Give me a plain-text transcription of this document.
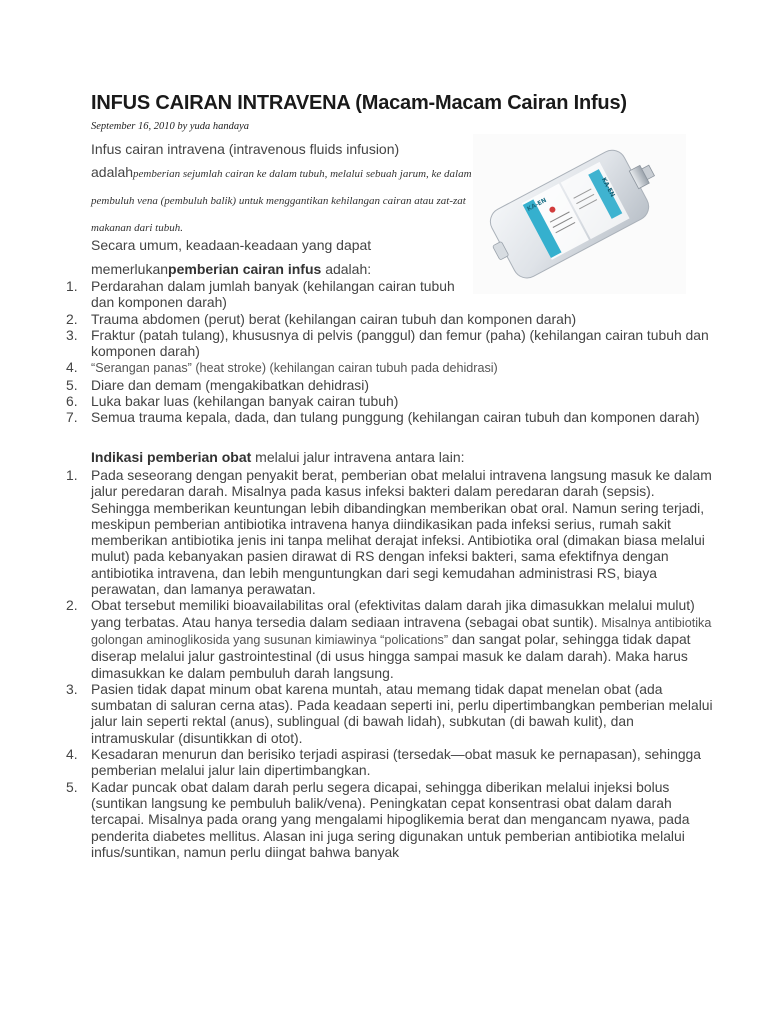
INFUS CAIRAN INTRAVENA (Macam-Macam Cairan Infus)
September 16, 2010 by yuda handaya
Infus cairan intravena (intravenous fluids infusion)
adalahpemberian sejumlah cairan ke dalam tubuh, melalui sebuah jarum, ke dalam pembuluh vena (pembuluh balik) untuk menggantikan kehilangan cairan atau zat-zat makanan dari tubuh.
Secara umum, keadaan-keadaan yang dapat memerlukanpemberian cairan infus adalah:
KA-EN
KA-EN
1. Perdarahan dalam jumlah banyak (kehilangan cairan tubuh dan komponen darah)
2. Trauma abdomen (perut) berat (kehilangan cairan tubuh dan komponen darah)
3. Fraktur (patah tulang), khususnya di pelvis (panggul) dan femur (paha) (kehilangan cairan tubuh dan komponen darah)
4.	“Serangan panas” (heat stroke) (kehilangan cairan tubuh pada dehidrasi)
5. Diare dan demam (mengakibatkan dehidrasi)
6. Luka bakar luas (kehilangan banyak cairan tubuh)
7. Semua trauma kepala, dada, dan tulang punggung (kehilangan cairan tubuh dan komponen darah)
Indikasi pemberian obat melalui jalur intravena antara lain:
1. Pada seseorang dengan penyakit berat, pemberian obat melalui intravena langsung masuk ke dalam jalur peredaran darah. Misalnya pada kasus infeksi bakteri dalam peredaran darah (sepsis). Sehingga memberikan keuntungan lebih dibandingkan memberikan obat oral. Namun sering terjadi, meskipun pemberian antibiotika intravena hanya diindikasikan pada infeksi serius, rumah sakit memberikan antibiotika jenis ini tanpa melihat derajat infeksi. Antibiotika oral (dimakan biasa melalui mulut) pada kebanyakan pasien dirawat di RS dengan infeksi bakteri, sama efektifnya dengan antibiotika intravena, dan lebih menguntungkan dari segi kemudahan administrasi RS, biaya perawatan, dan lamanya perawatan.
2. Obat tersebut memiliki bioavailabilitas oral (efektivitas dalam darah jika dimasukkan melalui mulut) yang terbatas. Atau hanya tersedia dalam sediaan intravena (sebagai obat suntik). Misalnya antibiotika golongan aminoglikosida yang susunan kimiawinya “polications” dan sangat polar, sehingga tidak dapat diserap melalui jalur gastrointestinal (di usus hingga sampai masuk ke dalam darah). Maka harus dimasukkan ke dalam pembuluh darah langsung.
3. Pasien tidak dapat minum obat karena muntah, atau memang tidak dapat menelan obat (ada sumbatan di saluran cerna atas). Pada keadaan seperti ini, perlu dipertimbangkan pemberian melalui jalur lain seperti rektal (anus), sublingual (di bawah lidah), subkutan (di bawah kulit), dan intramuskular (disuntikkan di otot).
4. Kesadaran menurun dan berisiko terjadi aspirasi (tersedak—obat masuk ke pernapasan), sehingga pemberian melalui jalur lain dipertimbangkan.
5. Kadar puncak obat dalam darah perlu segera dicapai, sehingga diberikan melalui injeksi bolus (suntikan langsung ke pembuluh balik/vena). Peningkatan cepat konsentrasi obat dalam darah tercapai. Misalnya pada orang yang mengalami hipoglikemia berat dan mengancam nyawa, pada penderita diabetes mellitus. Alasan ini juga sering digunakan untuk pemberian antibiotika melalui infus/suntikan, namun perlu diingat bahwa banyak
